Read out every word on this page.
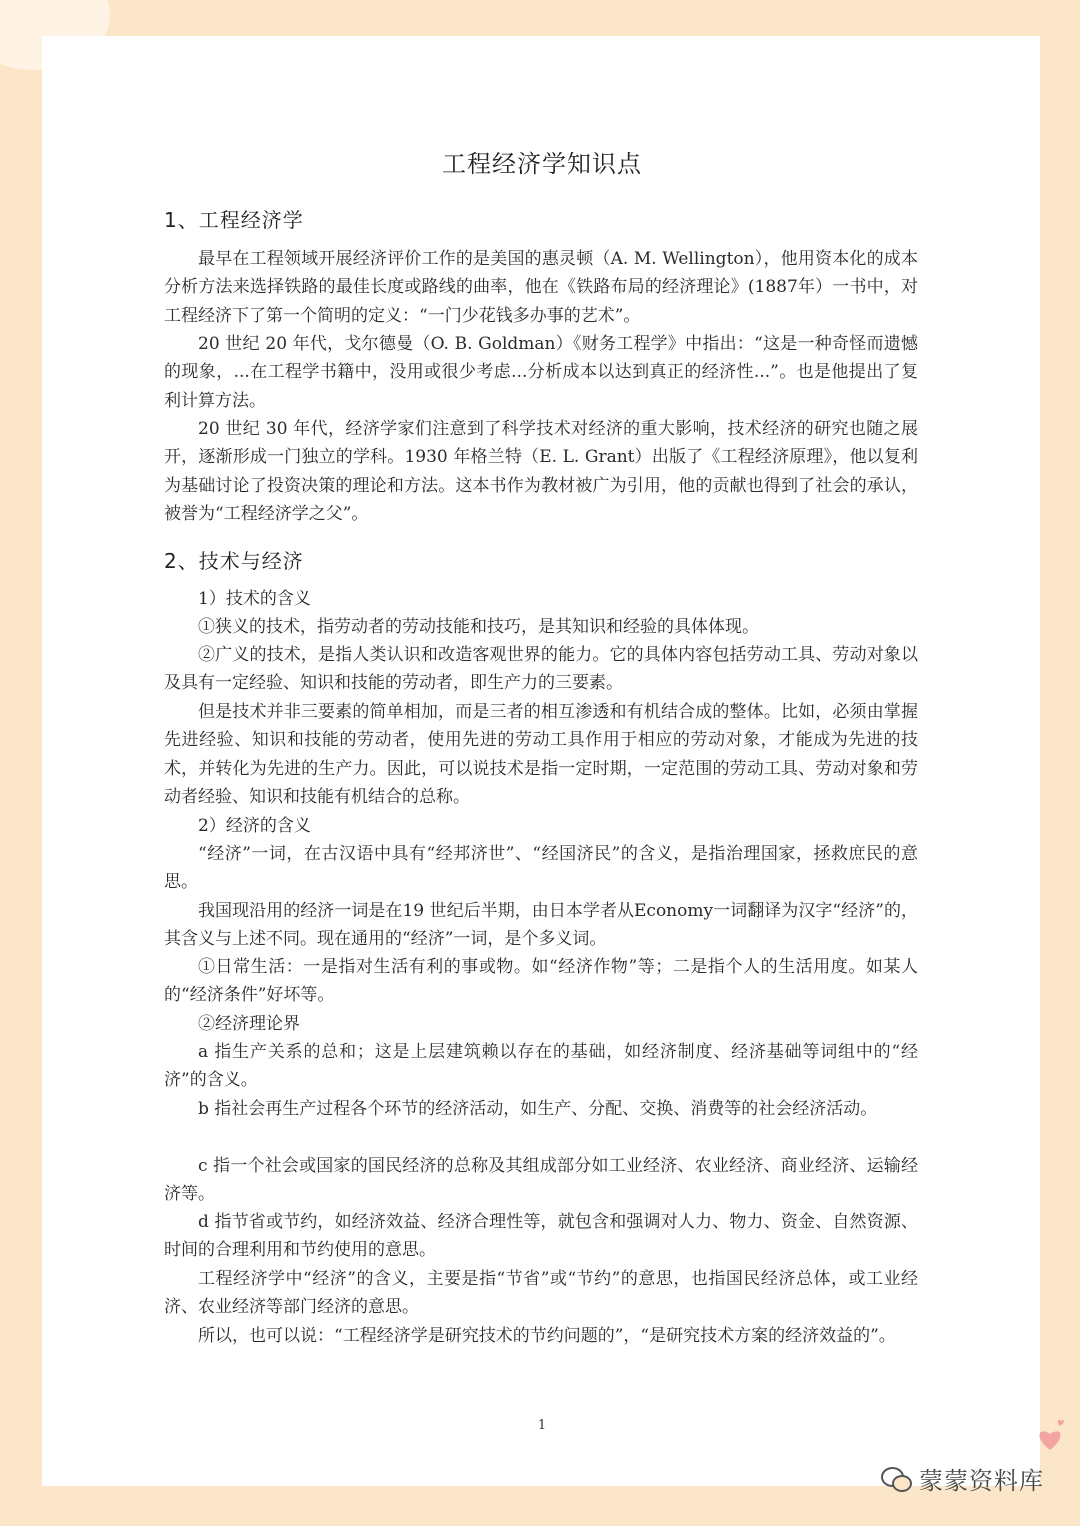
工程经济学知识点
1、工程经济学

最早在工程领域开展经济评价工作的是美国的惠灵顿（A. M. Wellington），他用资本化的成本分析方法来选择铁路的最佳长度或路线的曲率，他在《铁路布局的经济理论》(1887年）一书中，对工程经济下了第一个简明的定义：“一门少花钱多办事的艺术”。

20 世纪 20 年代，戈尔德曼（O. B. Goldman）《财务工程学》中指出：“这是一种奇怪而遗憾的现象，...在工程学书籍中，没用或很少考虑...分析成本以达到真正的经济性...”。也是他提出了复利计算方法。

20 世纪 30 年代，经济学家们注意到了科学技术对经济的重大影响，技术经济的研究也随之展开，逐渐形成一门独立的学科。1930 年格兰特（E. L. Grant）出版了《工程经济原理》，他以复利为基础讨论了投资决策的理论和方法。这本书作为教材被广为引用，他的贡献也得到了社会的承认，被誉为“工程经济学之父”。

2、技术与经济

1）技术的含义

①狭义的技术，指劳动者的劳动技能和技巧，是其知识和经验的具体体现。

②广义的技术，是指人类认识和改造客观世界的能力。它的具体内容包括劳动工具、劳动对象以及具有一定经验、知识和技能的劳动者，即生产力的三要素。

但是技术并非三要素的简单相加，而是三者的相互渗透和有机结合成的整体。比如，必须由掌握先进经验、知识和技能的劳动者，使用先进的劳动工具作用于相应的劳动对象，才能成为先进的技术，并转化为先进的生产力。因此，可以说技术是指一定时期，一定范围的劳动工具、劳动对象和劳动者经验、知识和技能有机结合的总称。

2）经济的含义

“经济”一词，在古汉语中具有“经邦济世”、“经国济民”的含义，是指治理国家，拯救庶民的意思。

我国现沿用的经济一词是在19 世纪后半期，由日本学者从Economy一词翻译为汉字“经济”的，其含义与上述不同。现在通用的“经济”一词，是个多义词。

①日常生活：一是指对生活有利的事或物。如“经济作物”等；二是指个人的生活用度。如某人的“经济条件”好坏等。

②经济理论界

a 指生产关系的总和；这是上层建筑赖以存在的基础，如经济制度、经济基础等词组中的“经济”的含义。

b 指社会再生产过程各个环节的经济活动，如生产、分配、交换、消费等的社会经济活动。

c 指一个社会或国家的国民经济的总称及其组成部分如工业经济、农业经济、商业经济、运输经济等。

d 指节省或节约，如经济效益、经济合理性等，就包含和强调对人力、物力、资金、自然资源、时间的合理利用和节约使用的意思。

工程经济学中“经济”的含义，主要是指“节省”或“节约”的意思，也指国民经济总体，或工业经济、农业经济等部门经济的意思。

所以，也可以说：“工程经济学是研究技术的节约问题的”，“是研究技术方案的经济效益的”。

1
蒙蒙资料库
